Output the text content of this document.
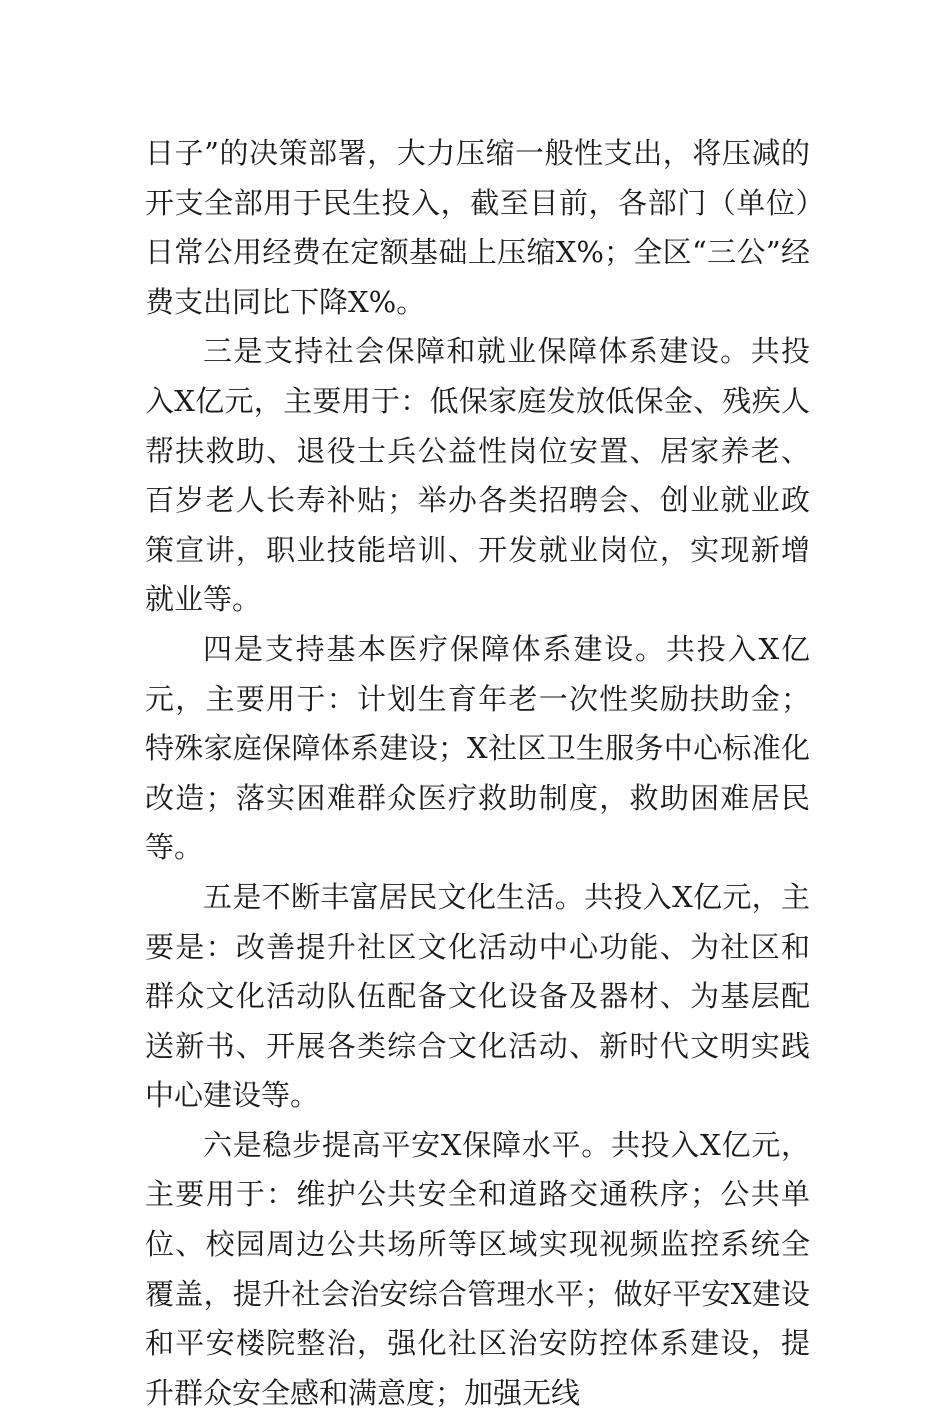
日子”的决策部署，大力压缩一般性支出，将压减的开支全部用于民生投入，截至目前，各部门（单位）日常公用经费在定额基础上压缩X%；全区“三公”经费支出同比下降X%。

三是支持社会保障和就业保障体系建设。共投入X亿元，主要用于：低保家庭发放低保金、残疾人帮扶救助、退役士兵公益性岗位安置、居家养老、百岁老人长寿补贴；举办各类招聘会、创业就业政策宣讲，职业技能培训、开发就业岗位，实现新增就业等。

四是支持基本医疗保障体系建设。共投入X亿元，主要用于：计划生育年老一次性奖励扶助金；特殊家庭保障体系建设；X社区卫生服务中心标准化改造；落实困难群众医疗救助制度，救助困难居民等。

五是不断丰富居民文化生活。共投入X亿元，主要是：改善提升社区文化活动中心功能、为社区和群众文化活动队伍配备文化设备及器材、为基层配送新书、开展各类综合文化活动、新时代文明实践中心建设等。

六是稳步提高平安X保障水平。共投入X亿元，主要用于：维护公共安全和道路交通秩序；公共单位、校园周边公共场所等区域实现视频监控系统全覆盖，提升社会治安综合管理水平；做好平安X建设和平安楼院整治，强化社区治安防控体系建设，提升群众安全感和满意度；加强无线
